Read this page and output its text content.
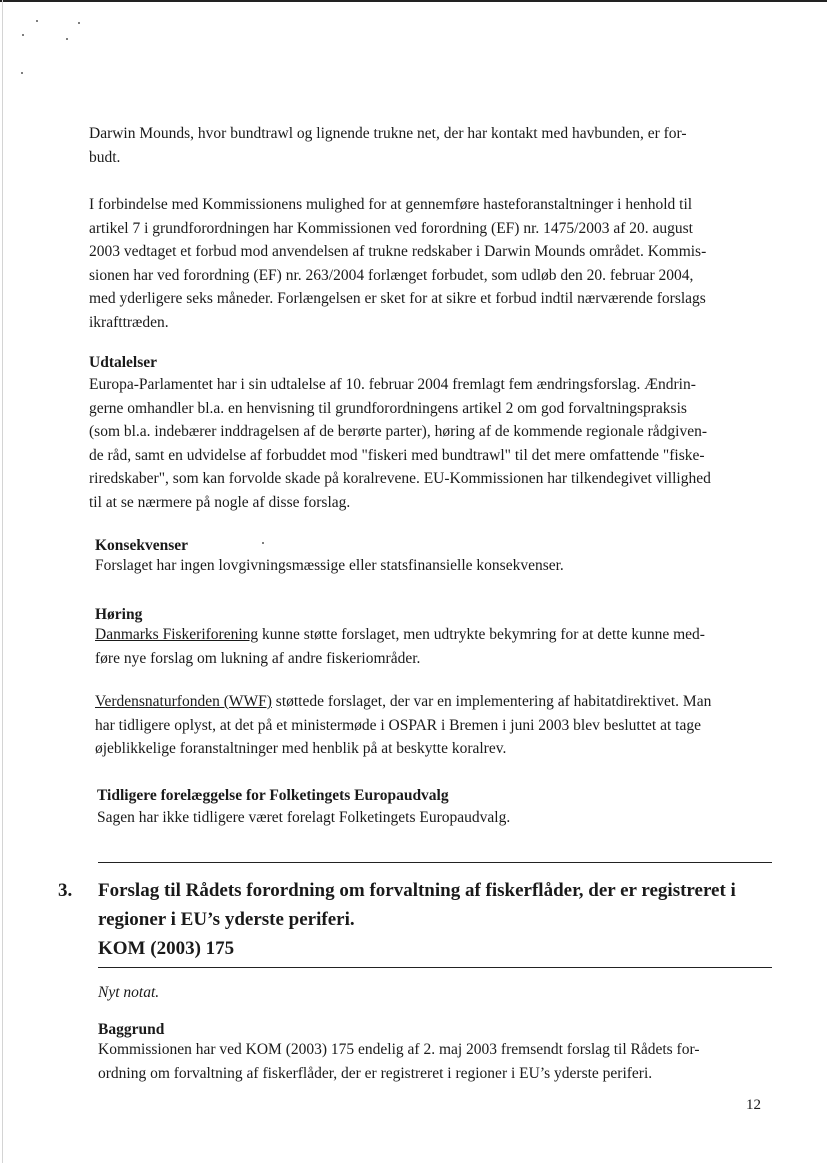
Darwin Mounds, hvor bundtrawl og lignende trukne net, der har kontakt med havbunden, er for-
budt.
I forbindelse med Kommissionens mulighed for at gennemføre hasteforanstaltninger i henhold til
artikel 7 i grundforordningen har Kommissionen ved forordning (EF) nr. 1475/2003 af 20. august
2003 vedtaget et forbud mod anvendelsen af trukne redskaber i Darwin Mounds området. Kommis-
sionen har ved forordning (EF) nr. 263/2004 forlænget forbudet, som udløb den 20. februar 2004,
med yderligere seks måneder. Forlængelsen er sket for at sikre et forbud indtil nærværende forslags
ikrafttræden.
Udtalelser
Europa-Parlamentet har i sin udtalelse af 10. februar 2004 fremlagt fem ændringsforslag. Ændrin-
gerne omhandler bl.a. en henvisning til grundforordningens artikel 2 om god forvaltningspraksis
(som bl.a. indebærer inddragelsen af de berørte parter), høring af de kommende regionale rådgiven-
de råd, samt en udvidelse af forbuddet mod "fiskeri med bundtrawl" til det mere omfattende "fiske-
riredskaber", som kan forvolde skade på koralrevene. EU-Kommissionen har tilkendegivet villighed
til at se nærmere på nogle af disse forslag.
Konsekvenser
Forslaget har ingen lovgivningsmæssige eller statsfinansielle konsekvenser.
Høring
Danmarks Fiskeriforening kunne støtte forslaget, men udtrykte bekymring for at dette kunne med-
føre nye forslag om lukning af andre fiskeriområder.
Verdensnaturfonden (WWF) støttede forslaget, der var en implementering af habitatdirektivet. Man
har tidligere oplyst, at det på et ministermøde i OSPAR i Bremen i juni 2003 blev besluttet at tage
øjeblikkelige foranstaltninger med henblik på at beskytte koralrev.
Tidligere forelæggelse for Folketingets Europaudvalg
Sagen har ikke tidligere været forelagt Folketingets Europaudvalg.
3. Forslag til Rådets forordning om forvaltning af fiskerflåder, der er registreret i
regioner i EU’s yderste periferi.
KOM (2003) 175
Nyt notat.
Baggrund
Kommissionen har ved KOM (2003) 175 endelig af 2. maj 2003 fremsendt forslag til Rådets for-
ordning om forvaltning af fiskerflåder, der er registreret i regioner i EU’s yderste periferi.
12
